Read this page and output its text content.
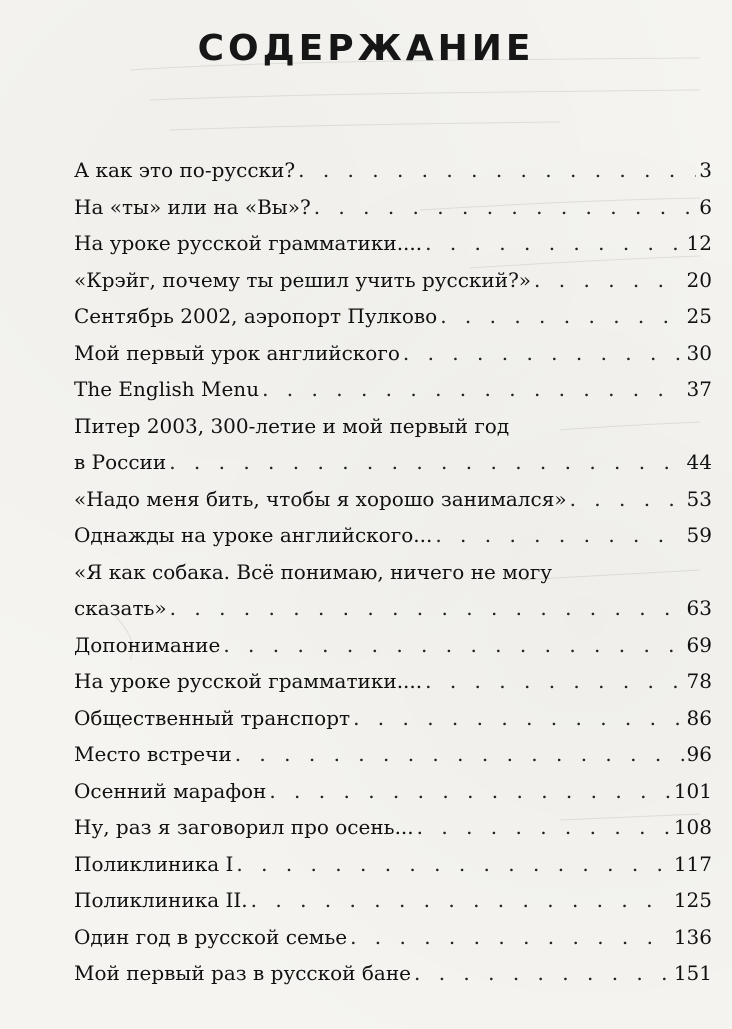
СОДЕРЖАНИЕ
А как это по-русски? . . .	3
На «ты» или на «Вы»? . . .	6
На уроке русской грамматики.... . . .	12
«Крэйг, почему ты решил учить русский?» . . .	20
Сентябрь 2002, аэропорт Пулково . . .	25
Мой первый урок английского . . .	30
The English Menu . . .	37
Питер 2003, 300-летие и мой первый год
в России . . .	44
«Надо меня бить, чтобы я хорошо занимался» . . .	53
Однажды на уроке английского... . . .	59
«Я как собака. Всё понимаю, ничего не могу
сказать» . . .	63
Допонимание . . .	69
На уроке русской грамматики.... . . .	78
Общественный транспорт . . .	86
Место встречи . . .	96
Осенний марафон . . .	101
Ну, раз я заговорил про осень... . . .	108
Поликлиника I . . .	117
Поликлиника II. . . .	125
Один год в русской семье . . .	136
Мой первый раз в русской бане . . .	151
